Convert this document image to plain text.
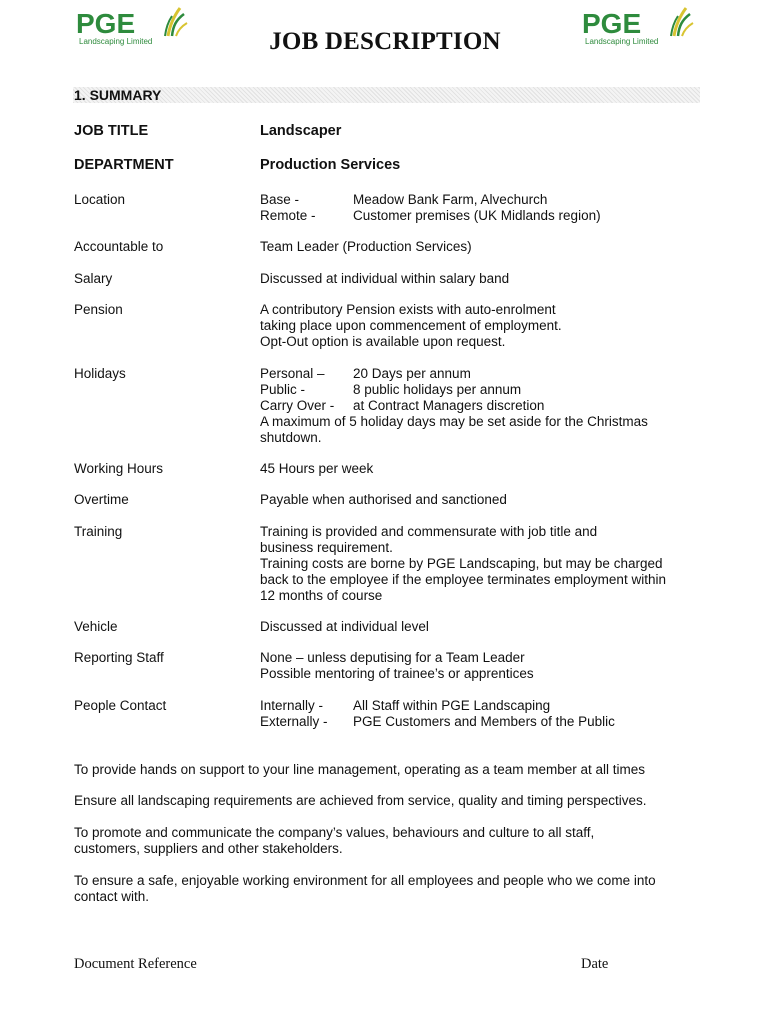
PGE
Landscaping Limited
PGE
Landscaping Limited
JOB DESCRIPTION
1. SUMMARY
JOB TITLE	Landscaper
DEPARTMENT	Production Services
Location	Base -	Meadow Bank Farm, Alvechurch
Remote -	Customer premises (UK Midlands region)
Accountable to	Team Leader (Production Services)
Salary	Discussed at individual within salary band
Pension	A contributory Pension exists with auto-enrolment
taking place upon commencement of employment.
Opt-Out option is available upon request.
Holidays	Personal –	20 Days per annum
Public -	8 public holidays per annum
Carry Over -	at Contract Managers discretion
A maximum of 5 holiday days may be set aside for the Christmas
shutdown.
Working Hours	45 Hours per week
Overtime	Payable when authorised and sanctioned
Training	Training is provided and commensurate with job title and
business requirement.
Training costs are borne by PGE Landscaping, but may be charged
back to the employee if the employee terminates employment within
12 months of course
Vehicle	Discussed at individual level
Reporting Staff	None – unless deputising for a Team Leader
Possible mentoring of trainee’s or apprentices
People Contact	Internally -	All Staff within PGE Landscaping
Externally -	PGE Customers and Members of the Public
To provide hands on support to your line management, operating as a team member at all times
Ensure all landscaping requirements are achieved from service, quality and timing perspectives.
To promote and communicate the company’s values, behaviours and culture to all staff,
customers, suppliers and other stakeholders.
To ensure a safe, enjoyable working environment for all employees and people who we come into
contact with.
Document Reference	Date
